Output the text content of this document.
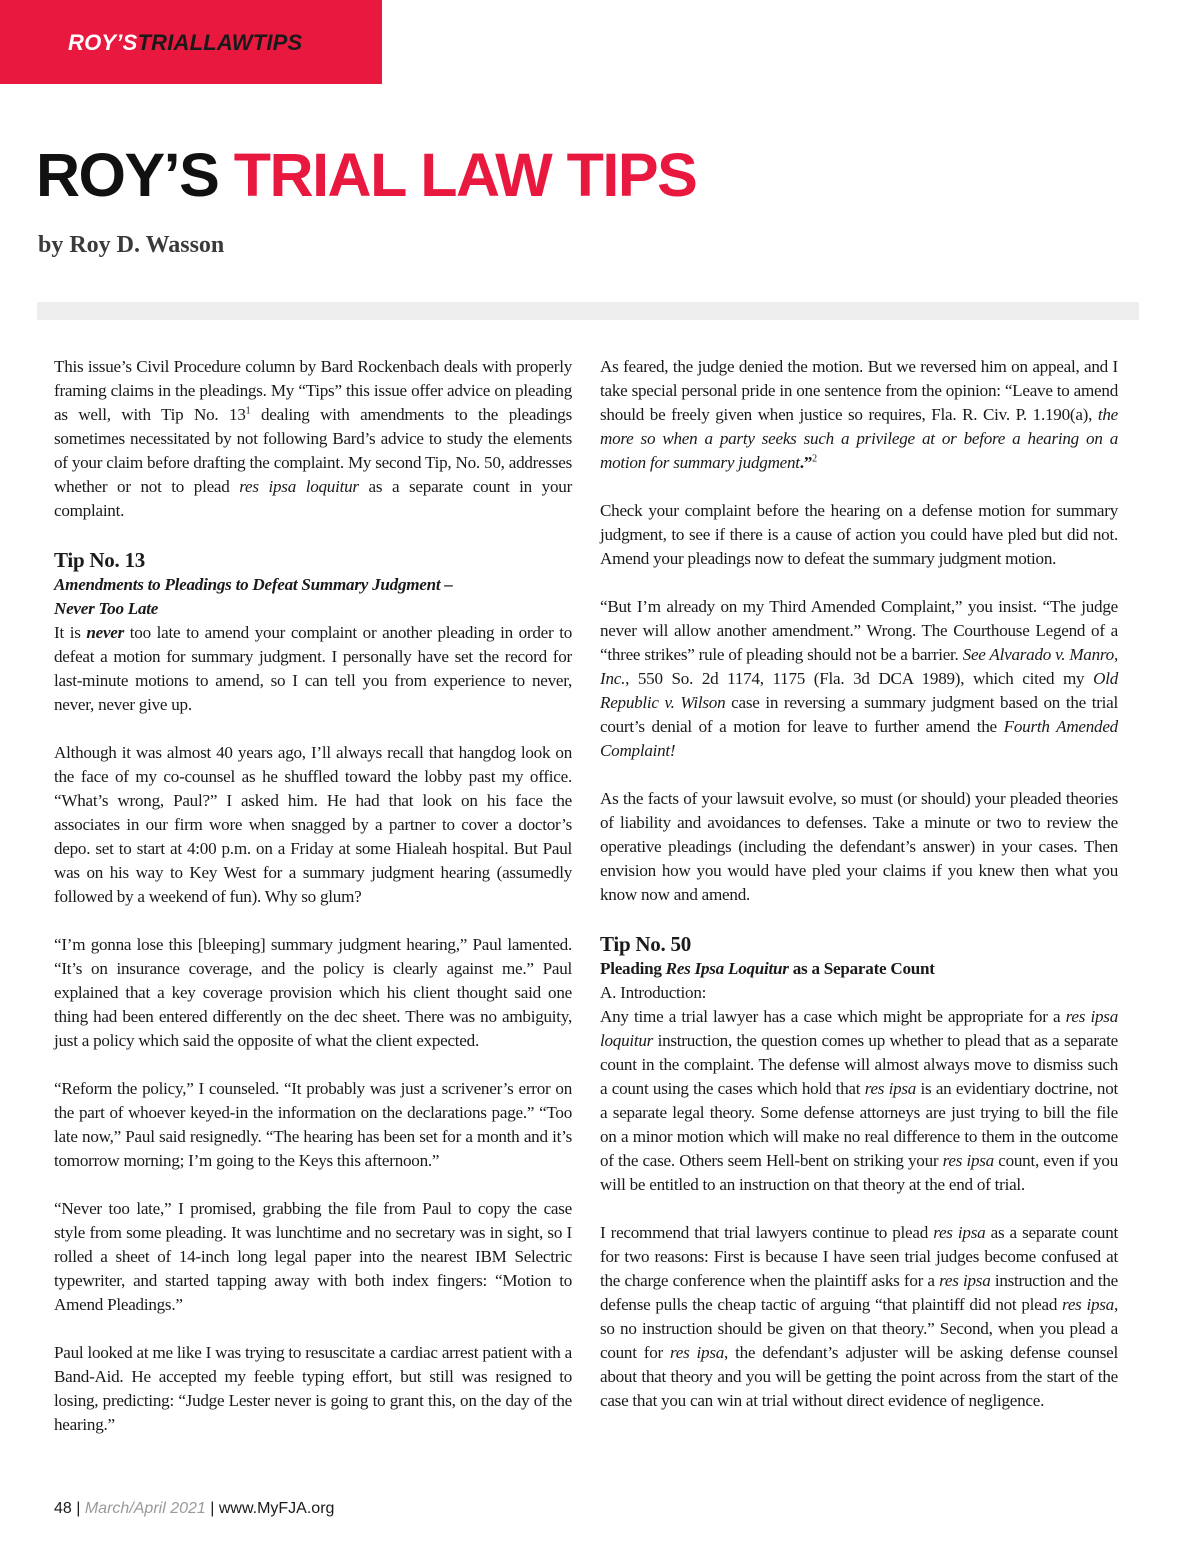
ROY’STRIALLAWTIPS
ROY’S TRIAL LAW TIPS
by Roy D. Wasson

This issue’s Civil Procedure column by Bard Rockenbach deals with properly framing claims in the pleadings. My “Tips” this issue offer advice on pleading as well, with Tip No. $13^1$ dealing with amendments to the pleadings sometimes necessitated by not following Bard’s advice to study the elements of your claim before drafting the complaint. My second Tip, No. 50, addresses whether or not to plead res ipsa loquitur as a separate count in your complaint.

Tip No. 13
Amendments to Pleadings to Defeat Summary Judgment –
Never Too Late

It is never too late to amend your complaint or another pleading in order to defeat a motion for summary judgment. I personally have set the record for last-minute motions to amend, so I can tell you from experience to never, never, never give up.

Although it was almost 40 years ago, I’ll always recall that hangdog look on the face of my co-counsel as he shuffled toward the lobby past my office. “What’s wrong, Paul?” I asked him. He had that look on his face the associates in our firm wore when snagged by a partner to cover a doctor’s depo. set to start at 4:00 p.m. on a Friday at some Hialeah hospital. But Paul was on his way to Key West for a summary judgment hearing (assumedly followed by a weekend of fun). Why so glum?

“I’m gonna lose this [bleeping] summary judgment hearing,” Paul lamented. “It’s on insurance coverage, and the policy is clearly against me.” Paul explained that a key coverage provision which his client thought said one thing had been entered differently on the dec sheet. There was no ambiguity, just a policy which said the opposite of what the client expected.

“Reform the policy,” I counseled. “It probably was just a scrivener’s error on the part of whoever keyed-in the information on the declarations page.” “Too late now,” Paul said resignedly. “The hearing has been set for a month and it’s tomorrow morning; I’m going to the Keys this afternoon.”

“Never too late,” I promised, grabbing the file from Paul to copy the case style from some pleading. It was lunchtime and no secretary was in sight, so I rolled a sheet of 14-inch long legal paper into the nearest IBM Selectric typewriter, and started tapping away with both index fingers: “Motion to Amend Pleadings.”

Paul looked at me like I was trying to resuscitate a cardiac arrest patient with a Band-Aid. He accepted my feeble typing effort, but still was resigned to losing, predicting: “Judge Lester never is going to grant this, on the day of the hearing.”

As feared, the judge denied the motion. But we reversed him on appeal, and I take special personal pride in one sentence from the opinion: “Leave to amend should be freely given when justice so requires, Fla. R. Civ. P. 1.190(a), the more so when a party seeks such a privilege at or before a hearing on a motion for summary judgment.”$^2$

Check your complaint before the hearing on a defense motion for summary judgment, to see if there is a cause of action you could have pled but did not. Amend your pleadings now to defeat the summary judgment motion.

“But I’m already on my Third Amended Complaint,” you insist. “The judge never will allow another amendment.” Wrong. The Courthouse Legend of a “three strikes” rule of pleading should not be a barrier. See Alvarado v. Manro, Inc., 550 So. 2d 1174, 1175 (Fla. 3d DCA 1989), which cited my Old Republic v. Wilson case in reversing a summary judgment based on the trial court’s denial of a motion for leave to further amend the Fourth Amended Complaint!

As the facts of your lawsuit evolve, so must (or should) your pleaded theories of liability and avoidances to defenses. Take a minute or two to review the operative pleadings (including the defendant’s answer) in your cases. Then envision how you would have pled your claims if you knew then what you know now and amend.

Tip No. 50
Pleading Res Ipsa Loquitur as a Separate Count
A. Introduction:

Any time a trial lawyer has a case which might be appropriate for a res ipsa loquitur instruction, the question comes up whether to plead that as a separate count in the complaint. The defense will almost always move to dismiss such a count using the cases which hold that res ipsa is an evidentiary doctrine, not a separate legal theory. Some defense attorneys are just trying to bill the file on a minor motion which will make no real difference to them in the outcome of the case. Others seem Hell-bent on striking your res ipsa count, even if you will be entitled to an instruction on that theory at the end of trial.

I recommend that trial lawyers continue to plead res ipsa as a separate count for two reasons: First is because I have seen trial judges become confused at the charge conference when the plaintiff asks for a res ipsa instruction and the defense pulls the cheap tactic of arguing “that plaintiff did not plead res ipsa, so no instruction should be given on that theory.” Second, when you plead a count for res ipsa, the defendant’s adjuster will be asking defense counsel about that theory and you will be getting the point across from the start of the case that you can win at trial without direct evidence of negligence.

48 | March/April 2021 | www.MyFJA.org
